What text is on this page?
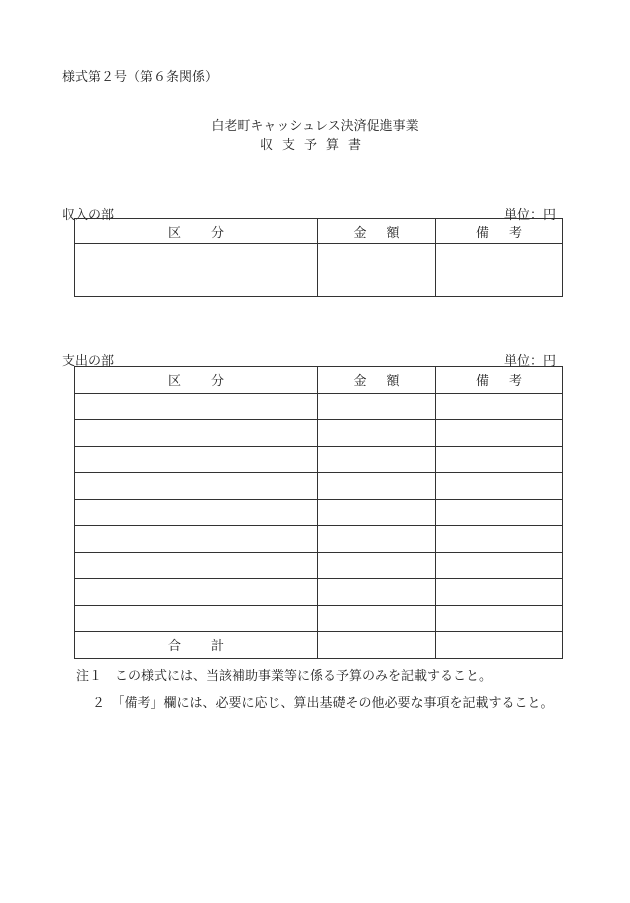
様式第２号（第６条関係）
白老町キャッシュレス決済促進事業
収支予算書
収入の部	単位：円
区分	金額	備考

支出の部	単位：円
区分	金額	備考

合計		
注１　この様式には、当該補助事業等に係る予算のみを記載すること。
２　「備考」欄には、必要に応じ、算出基礎その他必要な事項を記載すること。
